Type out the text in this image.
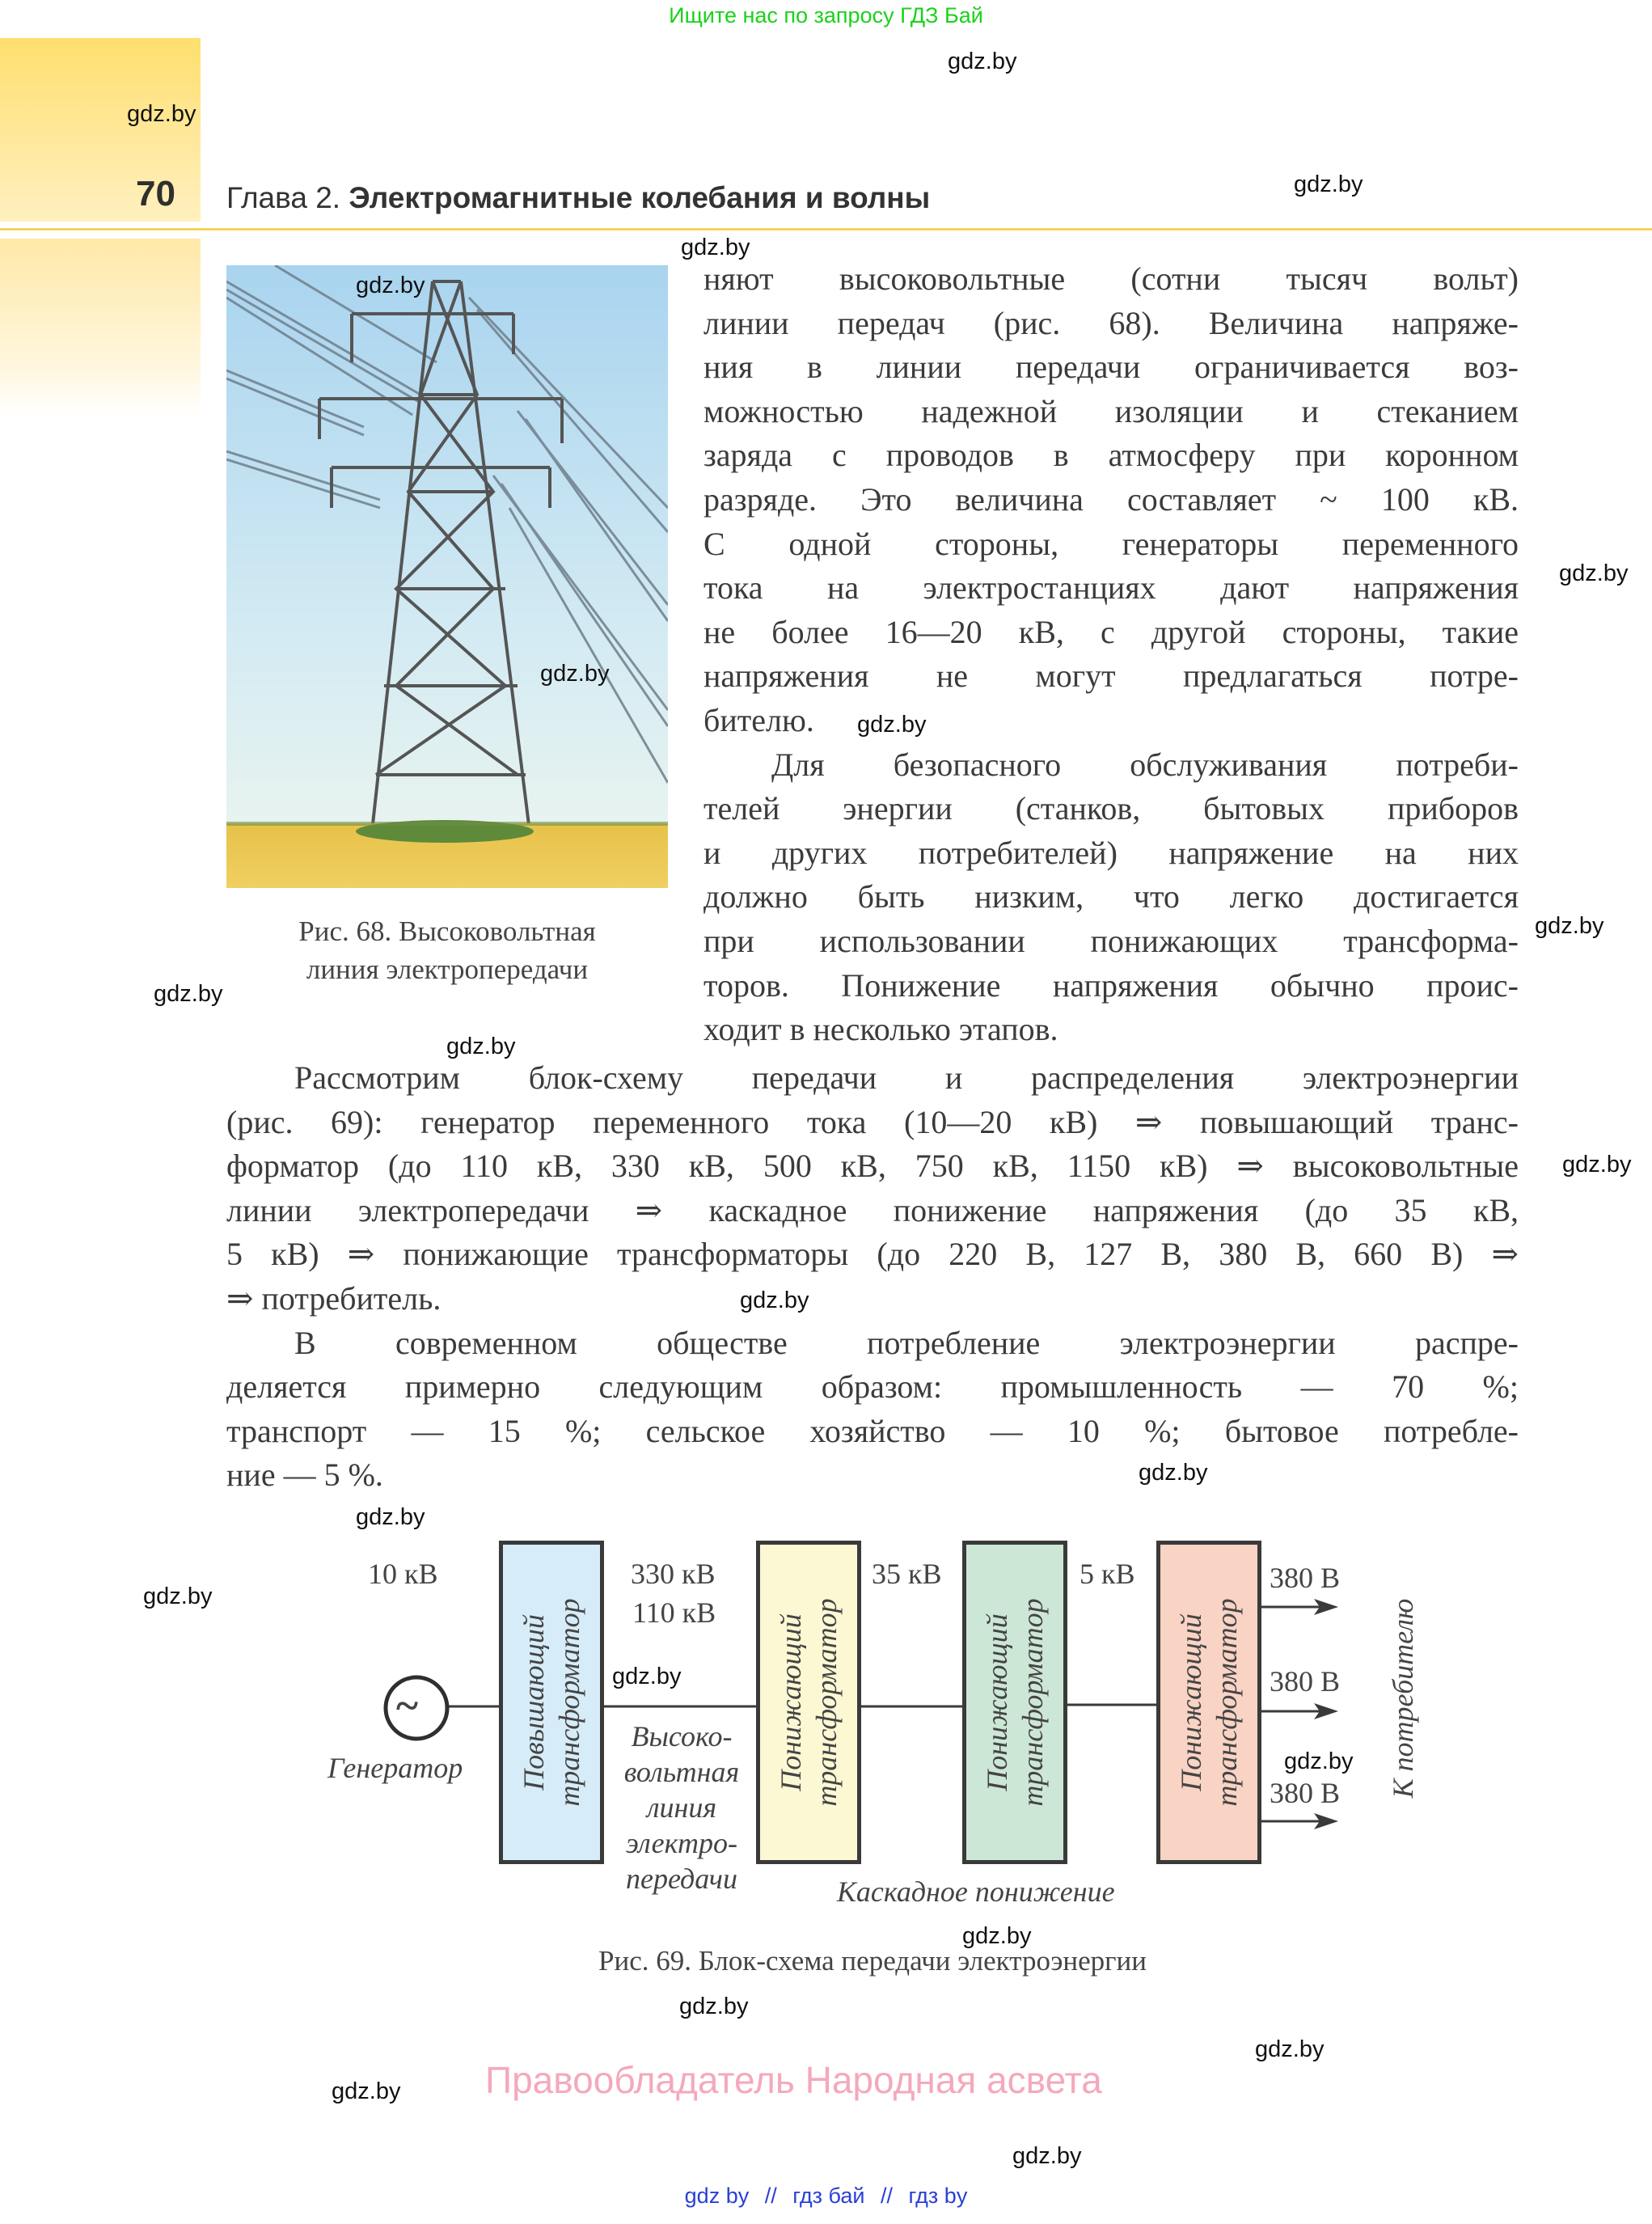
Ищите нас по запросу ГДЗ Бай
70 Глава 2. Электромагнитные колебания и волны
Рис. 68. Высоковольтная
линия электропередачи
няют высоковольтные (сотни тысяч вольт)
линии передач (рис. 68). Величина напряже-
ния в линии передачи ограничивается воз-
можностью надежной изоляции и стеканием
заряда с проводов в атмосферу при коронном
разряде. Это величина составляет ~ 100 кВ.
С одной стороны, генераторы переменного
тока на электростанциях дают напряжения
не более 16—20 кВ, с другой стороны, такие
напряжения не могут предлагаться потре-
бителю.
Для безопасного обслуживания потреби-
телей энергии (станков, бытовых приборов
и других потребителей) напряжение на них
должно быть низким, что легко достигается
при использовании понижающих трансформа-
торов. Понижение напряжения обычно проис-
ходит в несколько этапов.
Рассмотрим блок-схему передачи и распределения электроэнергии
(рис. 69): генератор переменного тока (10—20 кВ) ⇒ повышающий транс-
форматор (до 110 кВ, 330 кВ, 500 кВ, 750 кВ, 1150 кВ) ⇒ высоковольтные
линии электропередачи ⇒ каскадное понижение напряжения (до 35 кВ,
5 кВ) ⇒ понижающие трансформаторы (до 220 В, 127 В, 380 В, 660 В) ⇒
⇒ потребитель.
В современном обществе потребление электроэнергии распре-
деляется примерно следующим образом: промышленность — 70 %;
транспорт — 15 %; сельское хозяйство — 10 %; бытовое потребле-
ние — 5 %.
~
Генератор
10 кВ
Повышающий трансформатор
330 кВ
110 кВ
Высоко-
вольтная
линия
электро-
передачи
Понижающий трансформатор
35 кВ
Понижающий трансформатор
5 кВ
Понижающий трансформатор
380 В
380 В
380 В К потребителю
Каскадное понижение
Рис. 69. Блок-схема передачи электроэнергии
Правообладатель Народная асвета
gdz by // гдз бай // гдз by
gdz.by
gdz.by
gdz.by
gdz.by
gdz.by
gdz.by
gdz.by
gdz.by
gdz.by
gdz.by
gdz.by
gdz.by
gdz.by
gdz.by
gdz.by
gdz.by
gdz.by
gdz.by
gdz.by
gdz.by
gdz.by
gdz.by
gdz.by
